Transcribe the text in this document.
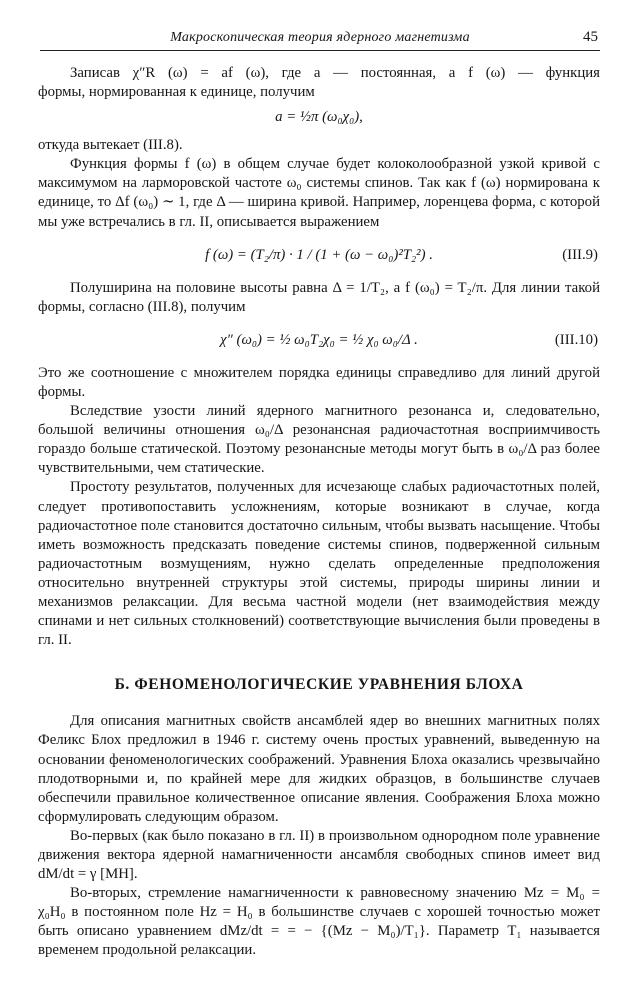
Макроскопическая теория ядерного магнетизма	45

Записав χ″R (ω) = af (ω), где a — постоянная, а f (ω) — функция

формы, нормированная к единице, получим

a = ½π (ω₀χ₀),

откуда вытекает (III.8).

Функция формы f (ω) в общем случае будет колоколообразной узкой кривой с максимумом на ларморовской частоте ω₀ системы спинов. Так как f (ω) нормирована к единице, то Δf (ω₀) ∼ 1, где Δ — ширина кривой. Например, лоренцева форма, с которой мы уже встречались в гл. II, описывается выражением

f (ω) = (T₂/π) · 1 / (1 + (ω − ω₀)²T₂²) .	(III.9)

Полуширина на половине высоты равна Δ = 1/T₂, а f (ω₀) = T₂/π. Для линии такой формы, согласно (III.8), получим

χ″ (ω₀) = ½ ω₀T₂χ₀ = ½ χ₀ ω₀/Δ .	(III.10)

Это же соотношение с множителем порядка единицы справедливо для линий другой формы.

Вследствие узости линий ядерного магнитного резонанса и, следовательно, большой величины отношения ω₀/Δ резонансная радиочастотная восприимчивость гораздо больше статической. Поэтому резонансные методы могут быть в ω₀/Δ раз более чувствительными, чем статические.

Простоту результатов, полученных для исчезающе слабых радиочастотных полей, следует противопоставить усложнениям, которые возникают в случае, когда радиочастотное поле становится достаточно сильным, чтобы вызвать насыщение. Чтобы иметь возможность предсказать поведение системы спинов, подверженной сильным радиочастотным возмущениям, нужно сделать определенные предположения относительно внутренней структуры этой системы, природы ширины линии и механизмов релаксации. Для весьма частной модели (нет взаимодействия между спинами и нет сильных столкновений) соответствующие вычисления были проведены в гл. II.

Б. ФЕНОМЕНОЛОГИЧЕСКИЕ УРАВНЕНИЯ БЛОХА

Для описания магнитных свойств ансамблей ядер во внешних магнитных полях Феликс Блох предложил в 1946 г. систему очень простых уравнений, выведенную на основании феноменологических соображений. Уравнения Блоха оказались чрезвычайно плодотворными и, по крайней мере для жидких образцов, в большинстве случаев обеспечили правильное количественное описание явления. Соображения Блоха можно сформулировать следующим образом.

Во-первых (как было показано в гл. II) в произвольном однородном поле уравнение движения вектора ядерной намагниченности ансамбля свободных спинов имеет вид dM/dt = γ [MH].

Во-вторых, стремление намагниченности к равновесному значению Mz = M₀ = χ₀H₀ в постоянном поле Hz = H₀ в большинстве случаев с хорошей точностью может быть описано уравнением dMz/dt = = − {(Mz − M₀)/T₁}. Параметр T₁ называется временем продольной релаксации.
